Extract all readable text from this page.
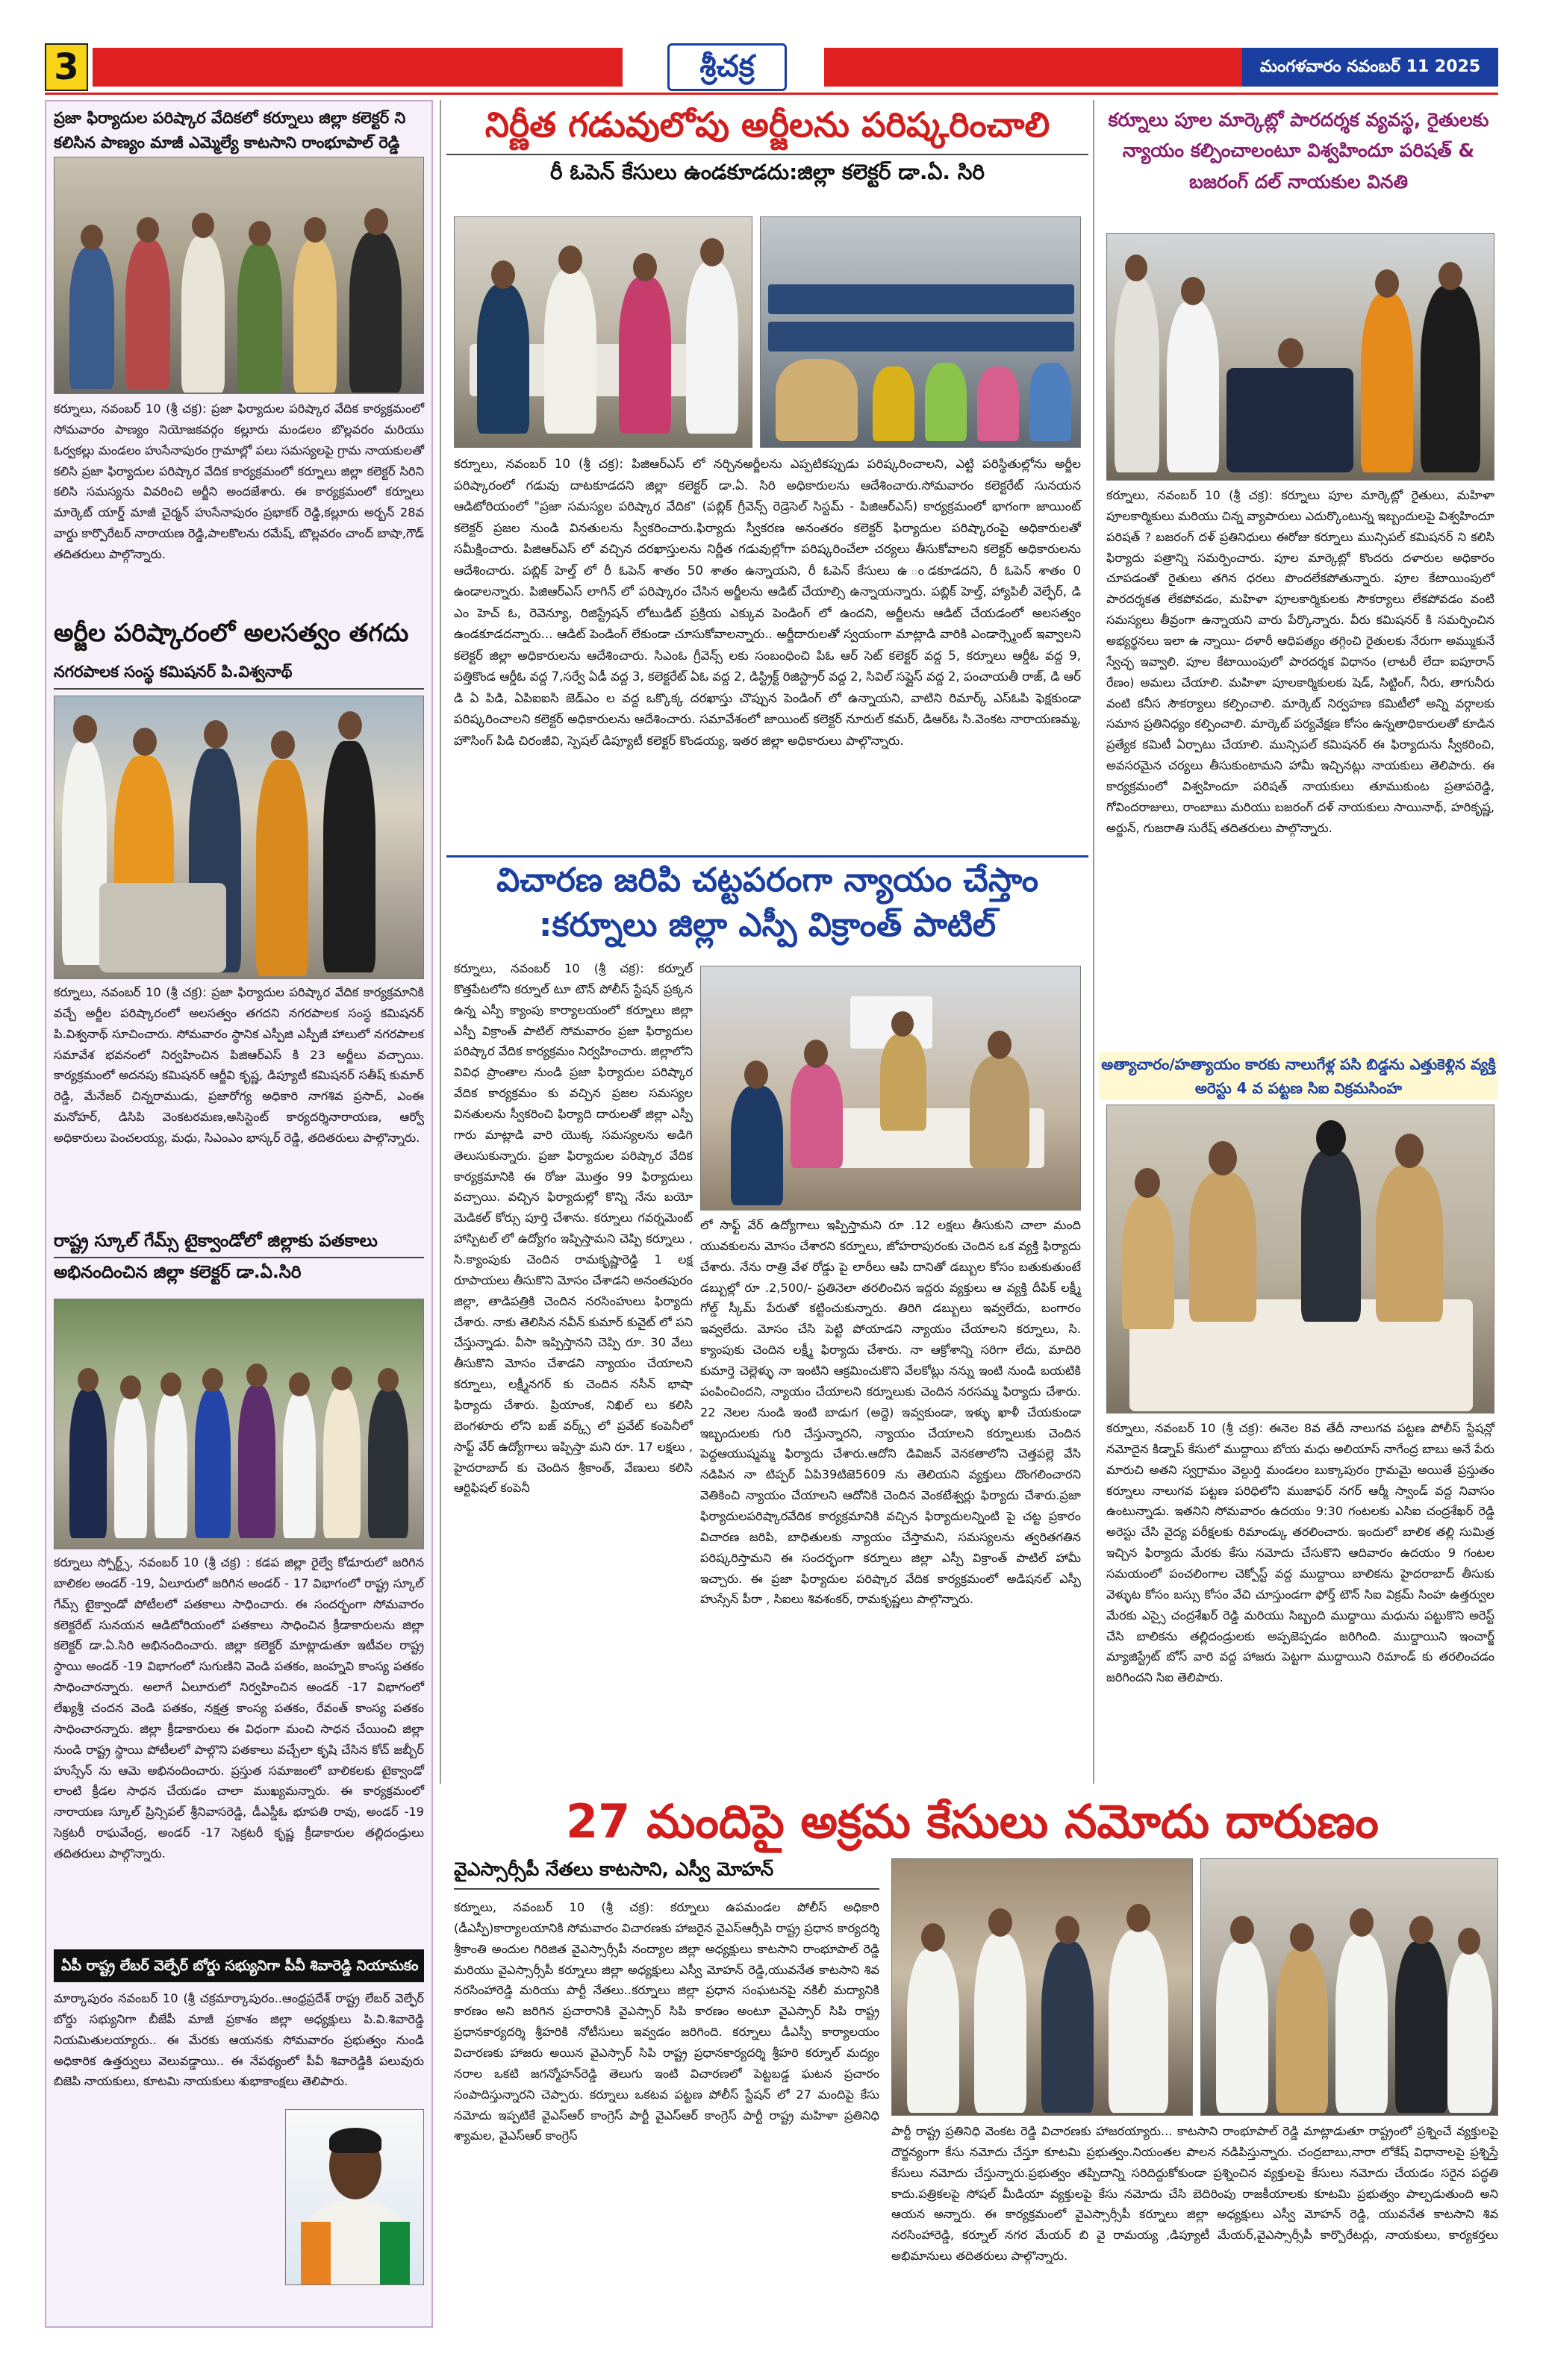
3	శ్రీచక్ర	మంగళవారం నవంబర్ 11 2025
ప్రజా ఫిర్యాదుల పరిష్కార వేదికలో కర్నూలు జిల్లా కలెక్టర్ ని కలిసిన పాణ్యం మాజీ ఎమ్మెల్యే కాటసాని రాంభూపాల్ రెడ్డి
కర్నూలు, నవంబర్ 10 (శ్రీ చక్ర): ప్రజా ఫిర్యాదుల పరిష్కార వేదిక కార్యక్రమంలో సోమవారం పాణ్యం నియోజకవర్గం కల్లూరు మండలం బొల్లవరం మరియు ఓర్వకల్లు మండలం హుసేనాపురం గ్రామాల్లో పలు సమస్యలపై గ్రామ నాయకులతో కలిసి ప్రజా ఫిర్యాదుల పరిష్కార వేదిక కార్యక్రమంలో కర్నూలు జిల్లా కలెక్టర్ సిరిని కలిసి సమస్యను వివరించి అర్జీని అందజేశారు. ఈ కార్యక్రమంలో కర్నూలు మార్కెట్ యార్డ్ మాజీ చైర్మన్ హుసేనాపురం ప్రభాకర్ రెడ్డి,కల్లూరు అర్బన్ 28వ వార్డు కార్పొరేటర్ నారాయణ రెడ్డి,పాలకొలను రమేష్, బొల్లవరం చాంద్ బాషా,గౌడ్ తదితరులు పాల్గొన్నారు.
అర్జీల పరిష్కారంలో అలసత్వం తగదు
నగరపాలక సంస్థ కమిషనర్ పి.విశ్వనాథ్
కర్నూలు, నవంబర్ 10 (శ్రీ చక్ర): ప్రజా ఫిర్యాదుల పరిష్కార వేదిక కార్యక్రమానికి వచ్చే అర్జీల పరిష్కారంలో అలసత్వం తగదని నగరపాలక సంస్థ కమిషనర్ పి.విశ్వనాథ్ సూచించారు. సోమవారం స్థానిక ఎస్పీజి ఎస్పీజీ హాలులో నగరపాలక సమావేశ భవనంలో నిర్వహించిన పిజిఆర్ఎస్ కి 23 అర్జీలు వచ్చాయి. కార్యక్రమంలో అదనపు కమిషనర్ ఆర్జీవి కృష్ణ, డిప్యూటీ కమిషనర్ సతీష్ కుమార్ రెడ్డి, మేనేజర్ చిన్నరాముడు, ప్రజారోగ్య అధికారి నాగశివ ప్రసాద్, ఎంఈ మనోహర్, డిసిపి వెంకటరమణ,అసిస్టెంట్ కార్యదర్శినారాయణ, ఆర్వో అధికారులు పెంచలయ్య, మధు, సిఎంఎం భాస్కర్ రెడ్డి, తదితరులు పాల్గొన్నారు.
రాష్ట్ర స్కూల్ గేమ్స్ టైక్వాండోలో జిల్లాకు పతకాలు
అభినందించిన జిల్లా కలెక్టర్ డా.ఏ.సిరి
కర్నూలు స్పోర్ట్స్, నవంబర్ 10 (శ్రీ చక్ర) : కడప జిల్లా రైల్వే కోడూరులో జరిగిన బాలికల అండర్ -19, ఏలూరులో జరిగిన అండర్ - 17 విభాగంలో రాష్ట్ర స్కూల్ గేమ్స్ టైక్వాండో పోటీలలో పతకాలు సాధించారు. ఈ సందర్భంగా సోమవారం కలెక్టరేట్ సునయన ఆడిటోరియంలో పతకాలు సాధించిన క్రీడాకారులను జిల్లా కలెక్టర్ డా.ఏ.సిరి అభినందించారు. జిల్లా కలెక్టర్ మాట్లాడుతూ ఇటీవల రాష్ట్ర స్థాయి అండర్ -19 విభాగంలో సుగుణిని వెండి పతకం, జంహ్నవి కాంస్య పతకం సాధించారన్నారు. అలాగే ఏలూరులో నిర్వహించిన అండర్ -17 విభాగంలో లేఖ్యశ్రీ చందన వెండి పతకం, నక్షత్ర కాంస్య పతకం, రేవంత్ కాంస్య పతకం సాధించారన్నారు. జిల్లా క్రీడాకారులు ఈ విధంగా మంచి సాధన చేయించి జిల్లా నుండి రాష్ట్ర స్థాయి పోటీలలో పాల్గొని పతకాలు వచ్చేలా కృషి చేసిన కోచ్ జబ్బీర్ హుస్సేన్ ను ఆమె అభినందించారు. ప్రస్తుత సమాజంలో బాలికలకు టైక్వాండో లాంటి క్రీడల సాధన చేయడం చాలా ముఖ్యమన్నారు. ఈ కార్యక్రమంలో నారాయణ స్కూల్ ప్రిన్సిపల్ శ్రీనివాసరెడ్డి, డీఎస్డీఓ భూపతి రావు, అండర్ -19 సెక్రటరీ రాఘవేంద్ర, అండర్ -17 సెక్రటరీ కృష్ణ క్రీడాకారుల తల్లిదండ్రులు తదితరులు పాల్గొన్నారు.
ఏపీ రాష్ట్ర లేబర్ వెల్ఫేర్ బోర్డు సభ్యునిగా పీవీ శివారెడ్డి నియామకం
మార్కాపురం నవంబర్ 10 (శ్రీ చక్రమార్కాపురం..ఆంధ్రప్రదేశ్ రాష్ట్ర లేబర్ వెల్ఫేర్ బోర్డు సభ్యునిగా బీజేపీ మాజీ ప్రకాశం జిల్లా అధ్యక్షులు పి.వి.శివారెడ్డి నియమితులయ్యారు.. ఈ మేరకు ఆయనకు సోమవారం ప్రభుత్వం నుండి అధికారిక ఉత్తర్వులు వెలువడ్డాయి.. ఈ నేపథ్యంలో పీవీ శివారెడ్డికి పలువురు బిజెపి నాయకులు, కూటమి నాయకులు శుభాకాంక్షలు తెలిపారు.
నిర్ణీత గడువులోపు అర్జీలను పరిష్కరించాలి
రీ ఓపెన్ కేసులు ఉండకూడదు:జిల్లా కలెక్టర్ డా.ఏ. సిరి
కర్నూలు, నవంబర్ 10 (శ్రీ చక్ర): పిజిఆర్ఎస్ లో నర్చినఅర్జీలను ఎప్పటికప్పుడు పరిష్కరించాలని, ఎట్టి పరిస్థితుల్లోను అర్జీల పరిష్కారంలో గడువు దాటకూడదని జిల్లా కలెక్టర్ డా.ఏ. సిరి అధికారులను ఆదేశించారు.సోమవారం కలెక్టరేట్ సునయన ఆడిటోరియంలో "ప్రజా సమస్యల పరిష్కార వేదిక" (పబ్లిక్ గ్రీవెన్స్ రెడ్రెసెల్ సిస్టమ్ - పిజిఆర్ఎస్) కార్యక్రమంలో భాగంగా జాయింట్ కలెక్టర్ ప్రజల నుండి వినతులను స్వీకరించారు.ఫిర్యాదు స్వీకరణ అనంతరం కలెక్టర్ ఫిర్యాదుల పరిష్కారంపై అధికారులతో సమీక్షించారు. పిజిఆర్ఎస్ లో వచ్చిన దరఖాస్తులను నిర్ణీత గడువుల్లోగా పరిష్కరించేలా చర్యలు తీసుకోవాలని కలెక్టర్ అధికారులను ఆదేశించారు. పబ్లిక్ హెల్త్ లో రీ ఓపెన్ శాతం 50 శాతం ఉన్నాయని, రీ ఓపెన్ కేసులు ఉ ండకూడదని, రీ ఓపెన్ శాతం 0 ఉండాలన్నారు. పిజిఆర్ఎస్ లాగిన్ లో పరిష్కారం చేసిన అర్జీలను ఆడిట్ చేయాల్సి ఉన్నాయన్నారు. పబ్లిక్ హెల్త్, హ్యాపిలీ వెల్ఫేర్, డి ఎం హెచ్ ఓ, రెవెన్యూ, రిజిస్ట్రేషన్ లోటుడిట్ ప్రక్రియ ఎక్కువ పెండింగ్ లో ఉందని, అర్జీలను ఆడిట్ చేయడంలో అలసత్వం ఉండకూడదన్నారు... ఆడిట్ పెండింగ్ లేకుండా చూసుకోవాలన్నారు.. అర్జీదారులతో స్వయంగా మాట్లాడి వారికి ఎండార్స్మెంట్ ఇవ్వాలని కలెక్టర్ జిల్లా అధికారులను ఆదేశించారు. సిఎంఓ గ్రీవెన్స్ లకు సంబంధించి పిఓ ఆర్ సెట్ కలెక్టర్ వద్ద 5, కర్నూలు ఆర్డీఓ వద్ద 9, పత్తికొండ ఆర్డీఓ వద్ద 7,సర్వే ఏడీ వద్ద 3, కలెక్టరేట్ ఏఓ వద్ద 2, డిస్ట్రిక్ట్ రిజిస్ట్రార్ వద్ద 2, సివిల్ సప్లైస్ వద్ద 2, పంచాయతీ రాజ్, డి ఆర్ డి ఏ పిడి, ఏపిఐఐసి జెడ్ఎం ల వద్ద ఒక్కొక్క దరఖాస్తు చొప్పున పెండింగ్ లో ఉన్నాయని, వాటిని రిమార్క్ ఎస్ఓపి ఫెక్షకుండా పరిష్కరించాలని కలెక్టర్ అధికారులను ఆదేశించారు. సమావేశంలో జాయింట్ కలెక్టర్ నూరుల్ కమర్, డిఆర్ఓ సి.వెంకట నారాయణమ్మ, హౌసింగ్ పిడి చిరంజీవి, స్పెషల్ డిప్యూటీ కలెక్టర్ కొండయ్య, ఇతర జిల్లా అధికారులు పాల్గొన్నారు.
విచారణ జరిపి చట్టపరంగా న్యాయం చేస్తాం
:కర్నూలు జిల్లా ఎస్పీ విక్రాంత్ పాటిల్
కర్నూలు, నవంబర్ 10 (శ్రీ చక్ర): కర్నూల్ కొత్తపేటలోని కర్నూల్ టూ టౌన్ పోలీస్ స్టేషన్ ప్రక్కన ఉన్న ఎస్పీ క్యాంపు కార్యాలయంలో కర్నూలు జిల్లా ఎస్పీ విక్రాంత్ పాటిల్ సోమవారం ప్రజా ఫిర్యాదుల పరిష్కార వేదిక కార్యక్రమం నిర్వహించారు. జిల్లాలోని వివిధ ప్రాంతాల నుండి ప్రజా ఫిర్యాదుల పరిష్కార వేదిక కార్యక్రమం కు వచ్చిన ప్రజల సమస్యల వినతులను స్వీకరించి ఫిర్యాది దారులతో జిల్లా ఎస్పీ గారు మాట్లాడి వారి యొక్క సమస్యలను అడిగి తెలుసుకున్నారు. ప్రజా ఫిర్యాదుల పరిష్కార వేదిక కార్యక్రమానికి ఈ రోజు మొత్తం 99 ఫిర్యాదులు వచ్చాయి. వచ్చిన ఫిర్యాదుల్లో కొన్ని నేను బయో మెడికల్ కోర్సు పూర్తి చేశాను. కర్నూలు గవర్నమెంట్ హాస్పిటల్ లో ఉద్యోగం ఇప్పిస్తామని చెప్పి కర్నూలు , సి.క్యాంపుకు చెందిన రామకృష్ణారెడ్డి 1 లక్ష రూపాయలు తీసుకొని మోసం చేశాడని అనంతపురం జిల్లా, తాడిపత్రికి చెందిన నరసింహులు ఫిర్యాదు చేశారు. నాకు తెలిసిన నవీన్ కుమార్ కువైట్ లో పని చేస్తున్నాడు. వీసా ఇప్పిస్తానని చెప్పి రూ. 30 వేలు తీసుకొని మోసం చేశాడని న్యాయం చేయాలని కర్నూలు, లక్ష్మీనగర్ కు చెందిన నసీన్ భాషా ఫిర్యాదు చేశారు. ప్రియాంక, నిఖిల్ లు కలిసి బెంగళూరు లోని బజ్ వర్క్స్ లో ప్రవేట్ కంపెనీలో సాఫ్ట్ వేర్ ఉద్యోగాలు ఇప్పిస్తా మని రూ. 17 లక్షలు , హైదరాబాద్ కు చెందిన శ్రీకాంత్, వేణులు కలిసి ఆర్టిఫిషల్ కంపెనీ
లో సాఫ్ట్ వేర్ ఉద్యోగాలు ఇప్పిస్తామని రూ .12 లక్షలు తీసుకుని చాలా మంది యువకులను మోసం చేశారని కర్నూలు, జోహరాపురంకు చెందిన ఒక వ్యక్తి ఫిర్యాదు చేశారు. నేను రాత్రి వేళ రోడ్డు పై లారీలు ఆపి దానితో డబ్బుల కోసం బతుకుతుంటే డబ్బుల్లో రూ .2,500/- ప్రతినెలా తరలించిన ఇద్దరు వ్యక్తులు ఆ వ్యక్తి దీపిక్ లక్ష్మీ గోల్డ్ స్కీమ్ పేరుతో కట్టించుకున్నారు. తిరిగి డబ్బులు ఇవ్వలేదు, బంగారం ఇవ్వలేదు. మోసం చేసి పెట్టి పోయాడని న్యాయం చేయాలని కర్నూలు, సి. క్యాంపుకు చెందిన లక్ష్మీ ఫిర్యాదు చేశారు. నా ఆక్రోశాన్ని సరిగా లేదు, మాదిరి కుమార్తె చెల్లెళ్ళు నా ఇంటిని ఆక్రమించుకొని వేలకోట్లు నన్ను ఇంటి నుండి బయటికి పంపించిందని, న్యాయం చేయాలని కర్నూలుకు చెందిన నరసమ్మ ఫిర్యాదు చేశారు. 22 నెలల నుండి ఇంటి బాడుగ (అద్దె) ఇవ్వకుండా, ఇళ్ళు ఖాళీ చేయకుండా ఇబ్బందులకు గురి చేస్తున్నారని, న్యాయం చేయాలని కర్నూలుకు చెందిన పెద్దఆయుష్మమ్మ ఫిర్యాదు చేశారు.ఆదోని డివిజన్ వెనకతాలోని చెత్తపల్లె వేసి నడిపిన నా టిప్పర్ ఏపి39టిజె5609 ను తెలియని వ్యక్తులు దొంగలించారని వెతికించి న్యాయం చేయాలని ఆదోనికి చెందిన వెంకటేశ్వర్లు ఫిర్యాదు చేశారు.ప్రజా ఫిర్యాదులపరిష్కారవేదిక కార్యక్రమానికి వచ్చిన ఫిర్యాదులన్నింటి పై చట్ట ప్రకారం విచారణ జరిపి, బాధితులకు న్యాయం చేస్తామని, సమస్యలను త్వరితగతిన పరిష్కరిస్తామని ఈ సందర్భంగా కర్నూలు జిల్లా ఎస్పీ విక్రాంత్ పాటిల్ హామీ ఇచ్చారు. ఈ ప్రజా ఫిర్యాదుల పరిష్కార వేదిక కార్యక్రమంలో అడిషనల్ ఎస్పీ హుస్సేన్ పీరా , సిఐలు శివశంకర్, రామకృష్ణలు పాల్గొన్నారు.
27 మందిపై అక్రమ కేసులు నమోదు దారుణం
వైఎస్సార్సీపీ నేతలు కాటసాని, ఎస్వీ మోహన్
కర్నూలు, నవంబర్ 10 (శ్రీ చక్ర): కర్నూలు ఉపమండల పోలీస్ అధికారి (డీఎస్పీ)కార్యాలయానికి సోమవారం విచారణకు హాజరైన వైఎస్ఆర్సీపి రాష్ట్ర ప్రధాన కార్యదర్శి శ్రీకాంతి అందుల గిరిజిత వైఎస్సార్సీపీ నంద్యాల జిల్లా అధ్యక్షులు కాటసాని రాంభూపాల్ రెడ్డి మరియు వైఎస్సార్సీపీ కర్నూలు జిల్లా అధ్యక్షులు ఎస్వీ మోహన్ రెడ్డి,యువనేత కాటసాని శివ నరసింహారెడ్డి మరియు పార్టీ నేతలు..కర్నూలు జిల్లా ప్రధాన సంఘటనపై నకిలీ మద్యానికి కారణం అని జరిగిన ప్రచారానికి వైఎస్సార్ సిపి కారణం అంటూ వైఎస్సార్ సిపి రాష్ట్ర ప్రధానకార్యదర్శి శ్రీహరికి నోటీసులు ఇవ్వడం జరిగింది. కర్నూలు డీఎస్పీ కార్యాలయం విచారణకు హాజరు అయిన వైఎస్సార్ సిపి రాష్ట్ర ప్రధానకార్యదర్శి శ్రీహరి కర్నూల్ మద్యం నరాల ఒకటి జగన్మోహన్‌రెడ్డి తెలుగు ఇంటి విచారణలో పెట్టబడ్డ ఘటన ప్రచారం సంపాదిస్తున్నారని చెప్పారు. కర్నూలు ఒకటవ పట్టణ పోలీస్ స్టేషన్ లో 27 మందిపై కేసు నమోదు ఇప్పటికే వైఎస్ఆర్ కాంగ్రెస్ పార్టీ వైఎస్ఆర్ కాంగ్రెస్ పార్టీ రాష్ట్ర మహిళా ప్రతినిధి శ్యామల, వైఎస్ఆర్ కాంగ్రెస్	పార్టీ రాష్ట్ర ప్రతినిధి వెంకట రెడ్డి విచారణకు హాజరయ్యారు... కాటసాని రాంభూపాల్ రెడ్డి మాట్లాడుతూ రాష్ట్రంలో ప్రశ్నించే వ్యక్తులపై దౌర్జన్యంగా కేసు నమోదు చేస్తూ కూటమి ప్రభుత్వం.నియంతల పాలన నడిపిస్తున్నారు. చంద్రబాబు,నారా లోకేష్ విధానాలపై ప్రశ్నిస్తే కేసులు నమోదు చేస్తున్నారు.ప్రభుత్వం తప్పిదాన్ని సరిదిద్దుకోకుండా ప్రశ్నించిన వ్యక్తులపై కేసులు నమోదు చేయడం సరైన పద్ధతి కాదు.పత్రికలపై సోషల్ మీడియా వ్యక్తులపై కేసు నమోదు చేసి బెదిరింపు రాజకీయాలకు కూటమి ప్రభుత్వం పాల్పడుతుంది అని ఆయన అన్నారు. ఈ కార్యక్రమంలో వైఎస్సార్సీపీ కర్నూలు జిల్లా అధ్యక్షులు ఎస్వీ మోహన్ రెడ్డి, యువనేత కాటసాని శివ నరసింహారెడ్డి, కర్నూల్ నగర మేయర్ బి వై రామయ్య ,డిప్యూటీ మేయర్,వైఎస్సార్సీపీ కార్పొరేటర్లు, నాయకులు, కార్యకర్తలు అభిమానులు తదితరులు పాల్గొన్నారు.
కర్నూలు పూల మార్కెట్లో పారదర్శక వ్యవస్థ, రైతులకు న్యాయం కల్పించాలంటూ విశ్వహిందూ పరిషత్ & బజరంగ్ దల్ నాయకుల వినతి
కర్నూలు, నవంబర్ 10 (శ్రీ చక్ర): కర్నూలు పూల మార్కెట్లో రైతులు, మహిళా పూలకార్మికులు మరియు చిన్న వ్యాపారులు ఎదుర్కొంటున్న ఇబ్బందులపై విశ్వహిందూ పరిషత్ ? బజరంగ్ దళ్ ప్రతినిధులు ఈరోజు కర్నూలు మున్సిపల్ కమిషనర్ ని కలిసి ఫిర్యాదు పత్రాన్ని సమర్పించారు. పూల మార్కెట్లో కొందరు దళారుల అధికారం చూపడంతో రైతులు తగిన ధరలు పొందలేకపోతున్నారు. పూల కేటాయింపులో పారదర్శకత లేకపోవడం, మహిళా పూలకార్మికులకు సౌకర్యాలు లేకపోవడం వంటి సమస్యలు తీవ్రంగా ఉన్నాయని వారు పేర్కొన్నారు. వీరు కమిషనర్ కి సమర్పించిన అభ్యర్థనలు ఇలా ఉ న్నాయి- దళారీ ఆధిపత్యం తగ్గించి రైతులకు నేరుగా అమ్ముకునే స్వేచ్ఛ ఇవ్వాలి. పూల కేటాయింపులో పారదర్శక విధానం (లాటరీ లేదా ఐపూరాన్ రేణం) అమలు చేయాలి. మహిళా పూలకార్మికులకు షెడ్, సిట్టింగ్, నీరు, తాగునీరు వంటి కనీస సౌకర్యాలు కల్పించాలి. మార్కెట్ నిర్వహణ కమిటీలో అన్ని వర్గాలకు సమాన ప్రతినిధ్యం కల్పించాలి. మార్కెట్ పర్యవేక్షణ కోసం ఉన్నతాధికారులతో కూడిన ప్రత్యేక కమిటీ ఏర్పాటు చేయాలి. మున్సిపల్ కమిషనర్ ఈ ఫిర్యాదును స్వీకరించి, అవసరమైన చర్యలు తీసుకుంటామని హామీ ఇచ్చినట్లు నాయకులు తెలిపారు. ఈ కార్యక్రమంలో విశ్వహిందూ పరిషత్ నాయకులు తూముకుంట ప్రతాపరెడ్డి, గోవిందరాజులు, రాంబాబు మరియు బజరంగ్ దళ్ నాయకులు సాయినాథ్, హరికృష్ణ, అర్జున్, గుజరాతి సురేష్ తదితరులు పాల్గొన్నారు.
అత్యాచారం/హత్యాయం కారకు నాలుగేళ్ల పసి బిడ్డను ఎత్తుకెళ్లిన వ్యక్తి అరెస్టు 4 వ పట్టణ సిఐ విక్రమసింహ
కర్నూలు, నవంబర్ 10 (శ్రీ చక్ర): ఈనెల 8వ తేదీ నాలుగవ పట్టణ పోలీస్ స్టేషన్లో నమోదైన కిడ్నాప్ కేసులో ముద్దాయి బోయ మధు అలియాస్ నాగేంద్ర బాబు అనే పేరు మారుచి అతని స్వగ్రామం వెల్దుర్తి మండలం బుక్కాపురం గ్రామమై అయితే ప్రస్తుతం కర్నూలు నాలుగవ పట్టణ పరిధిలోని ముజాఫర్ నగర్ ఆర్మీ స్వాండ్ వద్ద నివాసం ఉంటున్నాడు. ఇతనిని సోమవారం ఉదయం 9:30 గంటలకు ఎసిఐ చంద్రశేఖర్ రెడ్డి అరెస్టు చేసి వైద్య పరీక్షలకు రిమాండ్కు తరలించారు. ఇందులో బాలిక తల్లి సుమిత్ర ఇచ్చిన ఫిర్యాదు మేరకు కేసు నమోదు చేసుకొని ఆదివారం ఉదయం 9 గంటల సమయంలో పంచలింగాల చెక్పోస్ట్ వద్ద ముద్దాయి బాలికను హైదరాబాద్ తీసుకు వెళ్ళుట కోసం బస్సు కోసం వేచి చూస్తుండగా ఫోర్త్ టౌన్ సిఐ విక్రమ్ సింహ ఉత్తర్వుల మేరకు ఎస్సై చంద్రశేఖర్ రెడ్డి మరియు సిబ్బంది ముద్దాయి మధును పట్టుకొని అరెస్ట్ చేసి బాలికను తల్లిదండ్రులకు అప్పజెప్పడం జరిగింది. ముద్దాయిని ఇంచార్జ్ మ్యాజిస్ట్రేట్ బోస్ వారి వద్ద హాజరు పెట్టగా ముద్దాయిని రిమాండ్ కు తరలించడం జరిగిందని సిఐ తెలిపారు.
